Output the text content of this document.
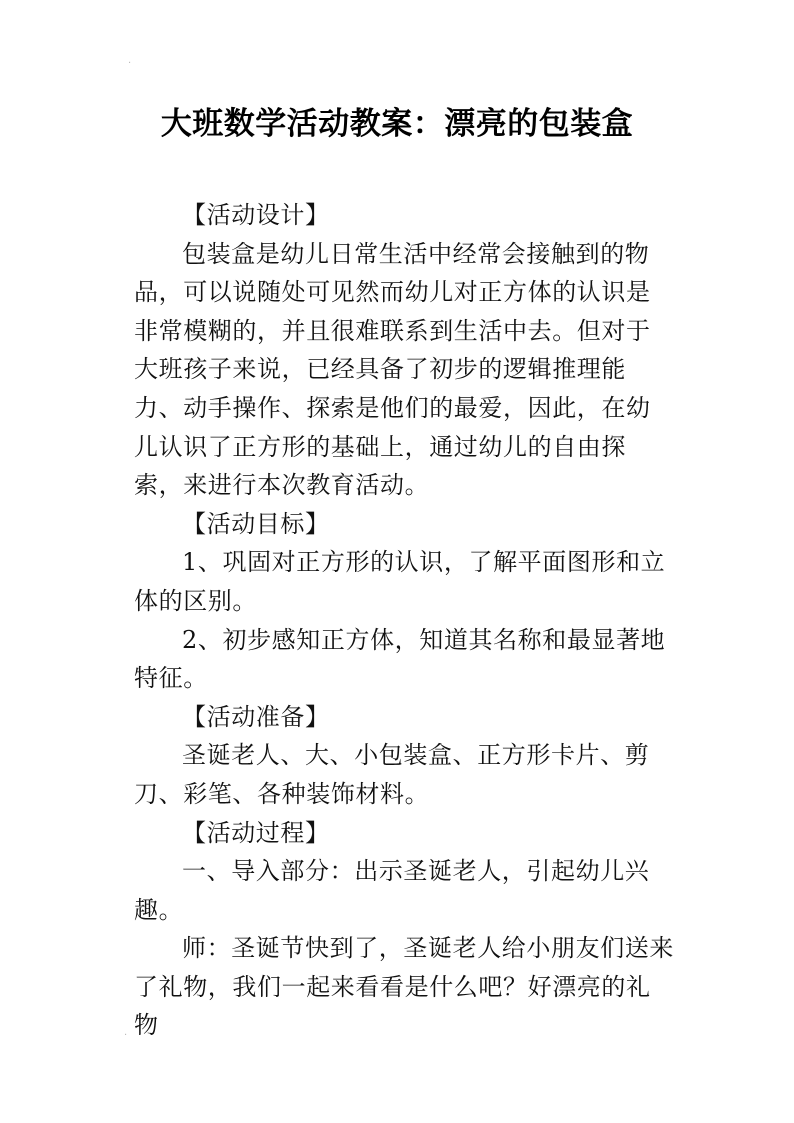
·
大班数学活动教案：漂亮的包装盒

【活动设计】

包装盒是幼儿日常生活中经常会接触到的物品，可以说随处可见然而幼儿对正方体的认识是非常模糊的，并且很难联系到生活中去。但对于大班孩子来说，已经具备了初步的逻辑推理能力、动手操作、探索是他们的最爱，因此，在幼儿认识了正方形的基础上，通过幼儿的自由探索，来进行本次教育活动。

【活动目标】

1、巩固对正方形的认识，了解平面图形和立体的区别。

2、初步感知正方体，知道其名称和最显著地特征。

【活动准备】

圣诞老人、大、小包装盒、正方形卡片、剪刀、彩笔、各种装饰材料。

【活动过程】

一、导入部分：出示圣诞老人，引起幼儿兴趣。

师：圣诞节快到了，圣诞老人给小朋友们送来了礼物，我们一起来看看是什么吧？好漂亮的礼物

·
